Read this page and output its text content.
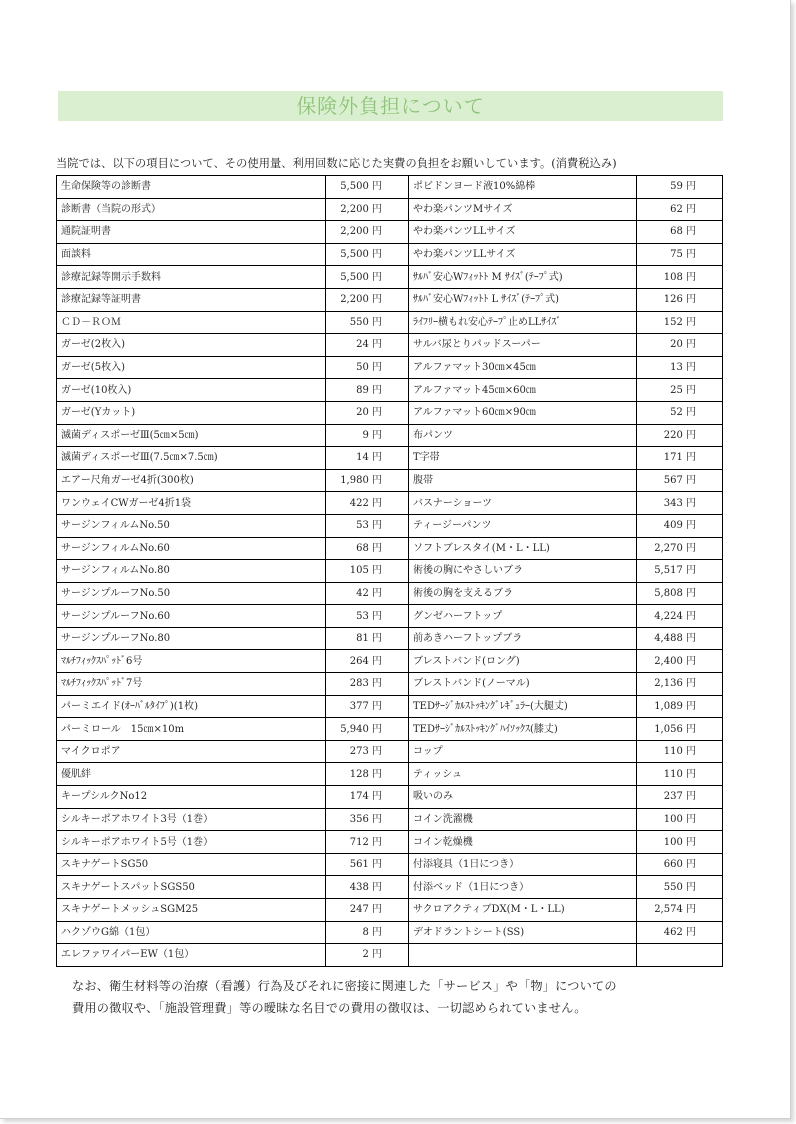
保険外負担について
当院では、以下の項目について、その使用量、利用回数に応じた実費の負担をお願いしています。(消費税込み)
生命保険等の診断書	5,500 円	ポビドンヨード液10%綿棒	59 円
診断書（当院の形式）	2,200 円	やわ楽パンツMサイズ	62 円
通院証明書	2,200 円	やわ楽パンツLLサイズ	68 円
面談料	5,500 円	やわ楽パンツLLサイズ	75 円
診療記録等開示手数料	5,500 円	ｻﾙﾊﾞ安心Wﾌｨｯﾄﾄ M ｻｲｽﾞ(ﾃｰﾌﾟ式)	108 円
診療記録等証明書	2,200 円	ｻﾙﾊﾞ安心Wﾌｨｯﾄﾄ L ｻｲｽﾞ(ﾃｰﾌﾟ式)	126 円
ＣＤ－ＲＯＭ	550 円	ﾗｲﾌﾘｰ横もれ安心ﾃｰﾌﾟ止めLLｻｲｽﾞ	152 円
ガーゼ(2枚入)	24 円	サルバ尿とりパッドスーパー	20 円
ガーゼ(5枚入)	50 円	アルファマット30㎝×45㎝	13 円
ガーゼ(10枚入)	89 円	アルファマット45㎝×60㎝	25 円
ガーゼ(Yカット)	20 円	アルファマット60㎝×90㎝	52 円
滅菌ディスポーゼⅢ(5㎝×5㎝)	9 円	布パンツ	220 円
滅菌ディスポーゼⅢ(7.5㎝×7.5㎝)	14 円	T字帯	171 円
エアー尺角ガーゼ4折(300枚)	1,980 円	腹帯	567 円
ワンウェイCWガーゼ4折1袋	422 円	バスナーショーツ	343 円
サージンフィルムNo.50	53 円	ティージーパンツ	409 円
サージンフィルムNo.60	68 円	ソフトブレスタイ(M・L・LL)	2,270 円
サージンフィルムNo.80	105 円	術後の胸にやさしいブラ	5,517 円
サージンプルーフNo.50	42 円	術後の胸を支えるブラ	5,808 円
サージンプルーフNo.60	53 円	グンゼハーフトップ	4,224 円
サージンプルーフNo.80	81 円	前あきハーフトップブラ	4,488 円
ﾏﾙﾁﾌｨｯｸｽﾊﾟｯﾄﾞ6号	264 円	ブレストバンド(ロング)	2,400 円
ﾏﾙﾁﾌｨｯｸｽﾊﾟｯﾄﾞ7号	283 円	ブレストバンド(ノーマル)	2,136 円
パーミエイド(ｵｰﾊﾞﾙﾀｲﾌﾟ)(1枚)	377 円	TEDｻｰｼﾞｶﾙｽﾄｯｷﾝｸﾞﾚｷﾞｭﾗｰ(大腿丈)	1,089 円
パーミロール　15㎝×10m	5,940 円	TEDｻｰｼﾞｶﾙｽﾄｯｷﾝｸﾞﾊｲｿｯｸｽ(膝丈)	1,056 円
マイクロポア	273 円	コップ	110 円
優肌絆	128 円	ティッシュ	110 円
キープシルクNo12	174 円	吸いのみ	237 円
シルキーポアホワイト3号（1巻）	356 円	コイン洗濯機	100 円
シルキーポアホワイト5号（1巻）	712 円	コイン乾燥機	100 円
スキナゲートSG50	561 円	付添寝具（1日につき）	660 円
スキナゲートスパットSGS50	438 円	付添ベッド（1日につき）	550 円
スキナゲートメッシュSGM25	247 円	サクロアクティブDX(M・L・LL)	2,574 円
ハクゾウG綿（1包）	8 円	デオドラントシート(SS)	462 円
エレファワイパーEW（1包）	2 円		

なお、衛生材料等の治療（看護）行為及びそれに密接に関連した「サービス」や「物」についての

費用の徴収や、「施設管理費」等の曖昧な名目での費用の徴収は、一切認められていません。
